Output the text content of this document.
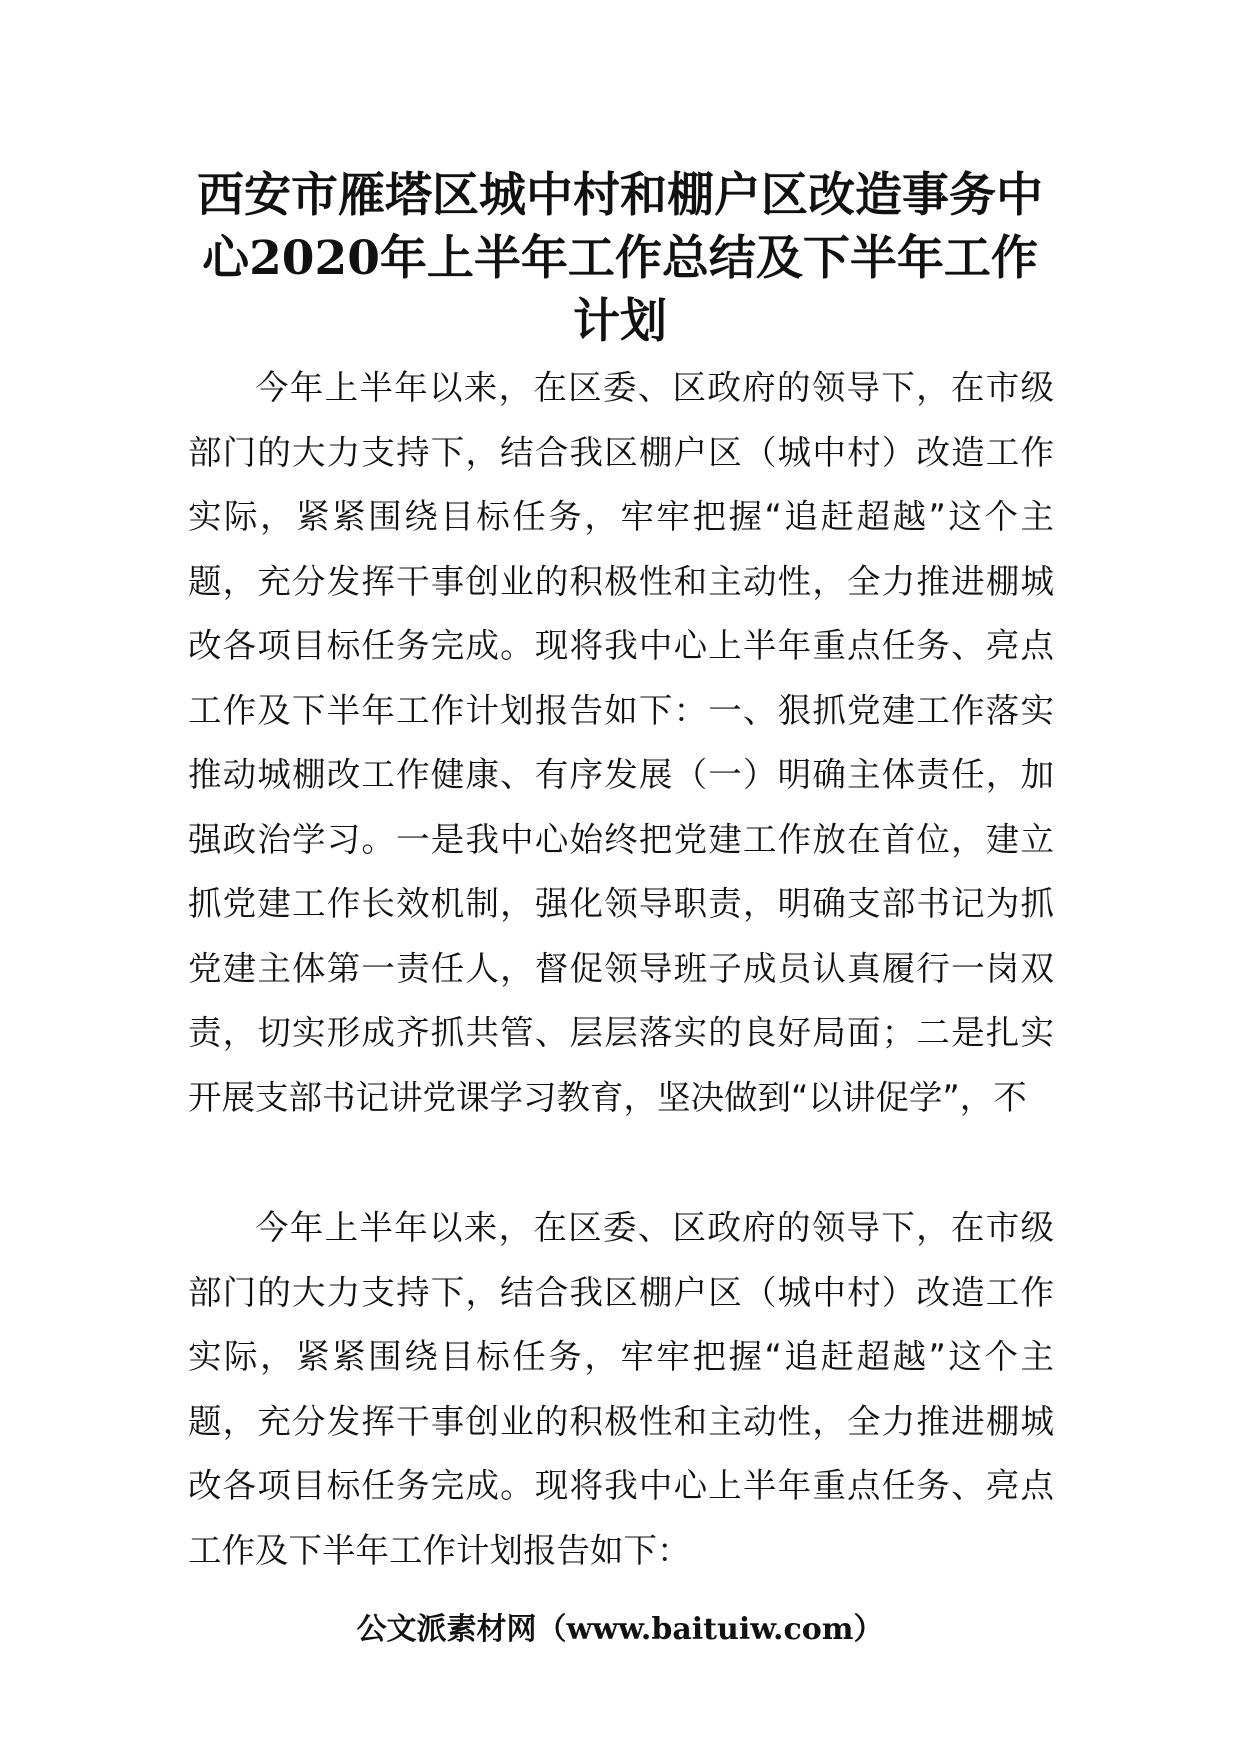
西安市雁塔区城中村和棚户区改造事务中心2020年上半年工作总结及下半年工作计划

今年上半年以来，在区委、区政府的领导下，在市级部门的大力支持下，结合我区棚户区（城中村）改造工作实际，紧紧围绕目标任务，牢牢把握“追赶超越”这个主题，充分发挥干事创业的积极性和主动性，全力推进棚城改各项目标任务完成。现将我中心上半年重点任务、亮点工作及下半年工作计划报告如下：一、狠抓党建工作落实推动城棚改工作健康、有序发展（一）明确主体责任，加强政治学习。一是我中心始终把党建工作放在首位，建立抓党建工作长效机制，强化领导职责，明确支部书记为抓党建主体第一责任人，督促领导班子成员认真履行一岗双责，切实形成齐抓共管、层层落实的良好局面；二是扎实开展支部书记讲党课学习教育，坚决做到“以讲促学”，不

今年上半年以来，在区委、区政府的领导下，在市级部门的大力支持下，结合我区棚户区（城中村）改造工作实际，紧紧围绕目标任务，牢牢把握“追赶超越”这个主题，充分发挥干事创业的积极性和主动性，全力推进棚城改各项目标任务完成。现将我中心上半年重点任务、亮点工作及下半年工作计划报告如下：

公文派素材网（www.baituiw.com）
